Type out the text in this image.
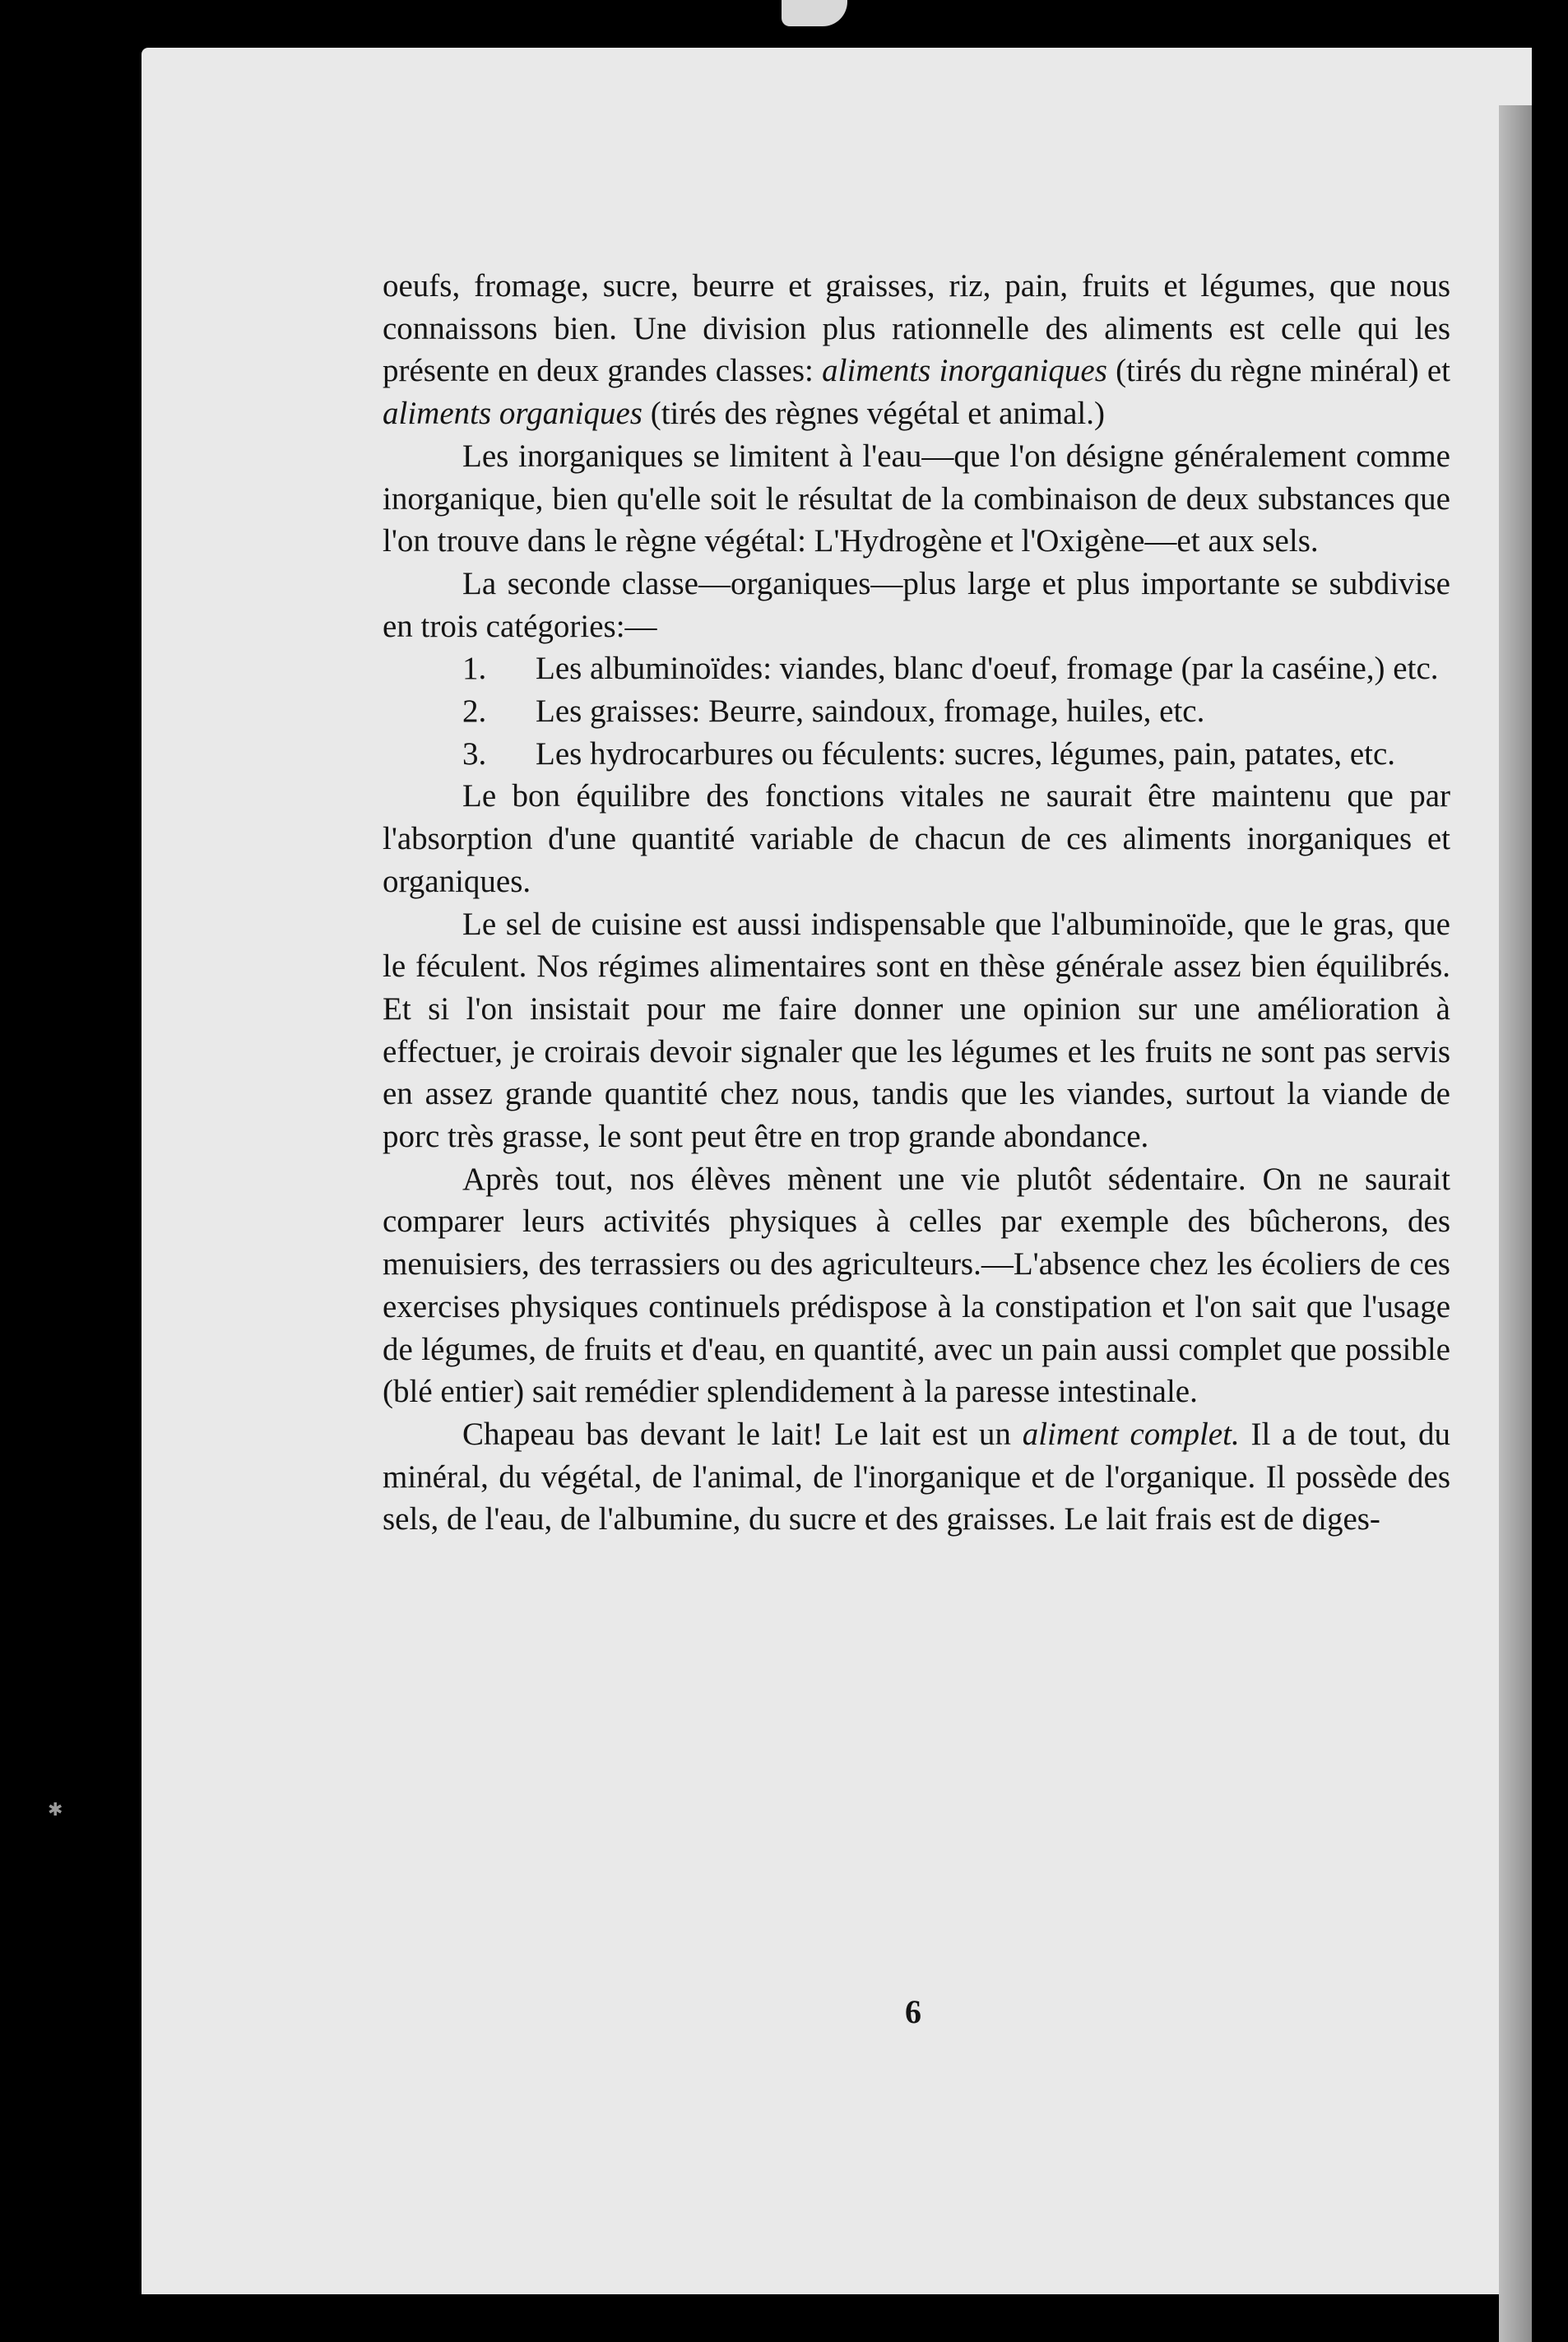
✱

oeufs, fromage, sucre, beurre et graisses, riz, pain, fruits et légumes, que nous connaissons bien. Une division plus rationnelle des aliments est celle qui les présente en deux grandes classes: aliments inorganiques (tirés du règne minéral) et aliments organiques (tirés des règnes végétal et animal.)

Les inorganiques se limitent à l'eau—que l'on désigne généralement comme inorganique, bien qu'elle soit le résultat de la combinaison de deux substances que l'on trouve dans le règne végétal: L'Hydrogène et l'Oxigène—et aux sels.

La seconde classe—organiques—plus large et plus importante se subdivise en trois catégories:—

1. Les albuminoïdes: viandes, blanc d'oeuf, fromage (par la caséine,) etc.
2. Les graisses: Beurre, saindoux, fromage, huiles, etc.
3. Les hydrocarbures ou féculents: sucres, légumes, pain, patates, etc.

Le bon équilibre des fonctions vitales ne saurait être maintenu que par l'absorption d'une quantité variable de chacun de ces aliments inorganiques et organiques.

Le sel de cuisine est aussi indispensable que l'albuminoïde, que le gras, que le féculent. Nos régimes alimentaires sont en thèse générale assez bien équilibrés. Et si l'on insistait pour me faire donner une opinion sur une amélioration à effectuer, je croirais devoir signaler que les légumes et les fruits ne sont pas servis en assez grande quantité chez nous, tandis que les viandes, surtout la viande de porc très grasse, le sont peut être en trop grande abondance.

Après tout, nos élèves mènent une vie plutôt sédentaire. On ne saurait comparer leurs activités physiques à celles par exemple des bûcherons, des menuisiers, des terrassiers ou des agriculteurs.—L'absence chez les écoliers de ces exercises physiques continuels prédispose à la constipation et l'on sait que l'usage de légumes, de fruits et d'eau, en quantité, avec un pain aussi complet que possible (blé entier) sait remédier splendidement à la paresse intestinale.

Chapeau bas devant le lait! Le lait est un aliment complet. Il a de tout, du minéral, du végétal, de l'animal, de l'inorganique et de l'organique. Il possède des sels, de l'eau, de l'albumine, du sucre et des graisses. Le lait frais est de diges-

6
